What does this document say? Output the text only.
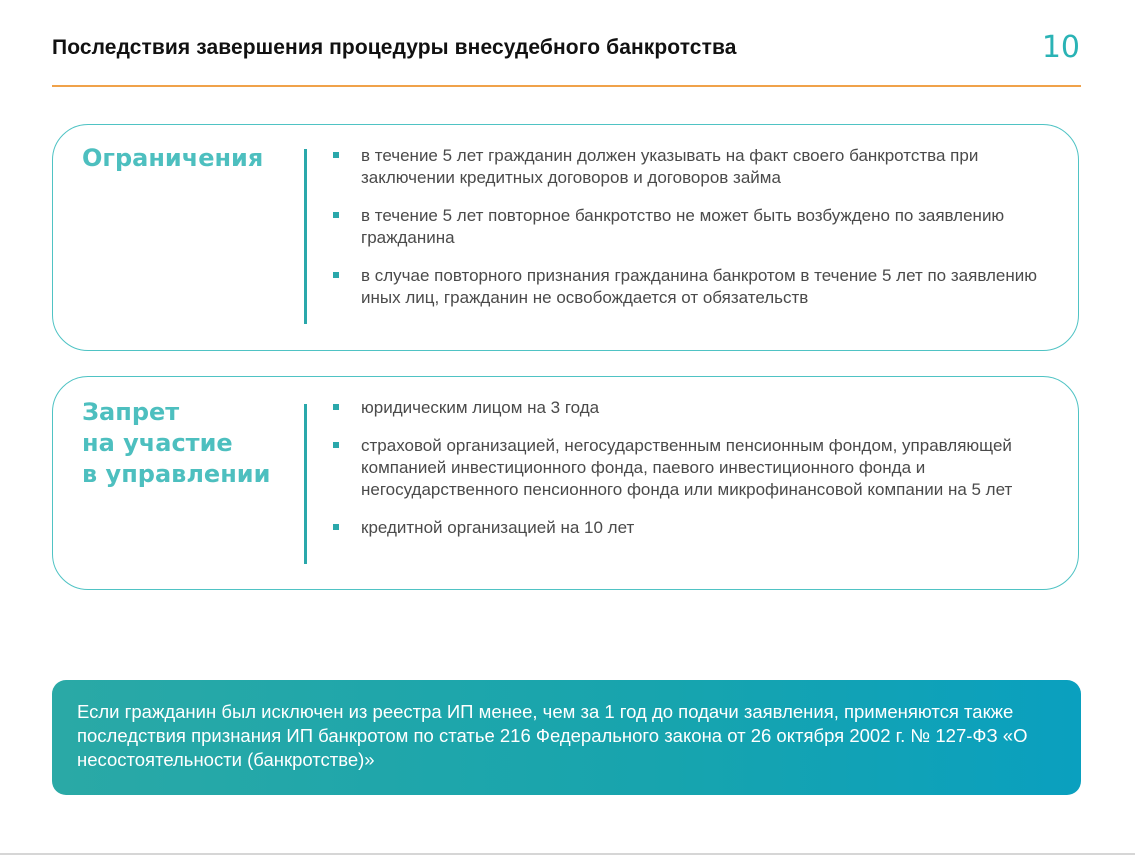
Последствия завершения процедуры внесудебного банкротства	10
Ограничения	в течение 5 лет гражданин должен указывать на факт своего банкротства при заключении кредитных договоров и договоров займа
в течение 5 лет повторное банкротство не может быть возбуждено по заявлению гражданина
в случае повторного признания гражданина банкротом в течение 5 лет по заявлению иных лиц, гражданин не освобождается от обязательств
Запрет
на участие
в управлении
юридическим лицом на 3 года
страховой организацией, негосударственным пенсионным фондом, управляющей компанией инвестиционного фонда, паевого инвестиционного фонда и негосударственного пенсионного фонда или микрофинансовой компании на 5 лет
кредитной организацией на 10 лет
Если гражданин был исключен из реестра ИП менее, чем за 1 год до подачи заявления, применяются также последствия признания ИП банкротом по статье 216 Федерального закона от 26 октября 2002 г. № 127-ФЗ «О несостоятельности (банкротстве)»
